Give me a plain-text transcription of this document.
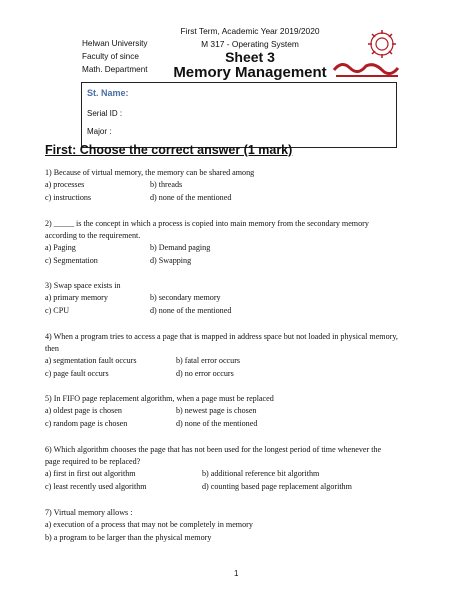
First Term, Academic Year 2019/2020
M 317 - Operating System
Sheet 3
Memory Management
Helwan University
Faculty of since
Math. Department
St. Name:
Serial ID :
Major :
First: Choose the correct answer (1 mark)
1) Because of virtual memory, the memory can be shared among
a) processes	b) threads
c) instructions	d) none of the mentioned
2) _____ is the concept in which a process is copied into main memory from the secondary memory
according to the requirement.
a) Paging	b) Demand paging
c) Segmentation	d) Swapping
3) Swap space exists in
a) primary memory	b) secondary memory
c) CPU	d) none of the mentioned
4) When a program tries to access a page that is mapped in address space but not loaded in physical memory,
then
a) segmentation fault occurs	b) fatal error occurs
c) page fault occurs	d) no error occurs
5) In FIFO page replacement algorithm, when a page must be replaced
a) oldest page is chosen	b) newest page is chosen
c) random page is chosen	d) none of the mentioned
6) Which algorithm chooses the page that has not been used for the longest period of time whenever the
page required to be replaced?
a) first in first out algorithm	b) additional reference bit algorithm
c) least recently used algorithm	d) counting based page replacement algorithm
7) Virtual memory allows :
a) execution of a process that may not be completely in memory
b) a program to be larger than the physical memory
1
